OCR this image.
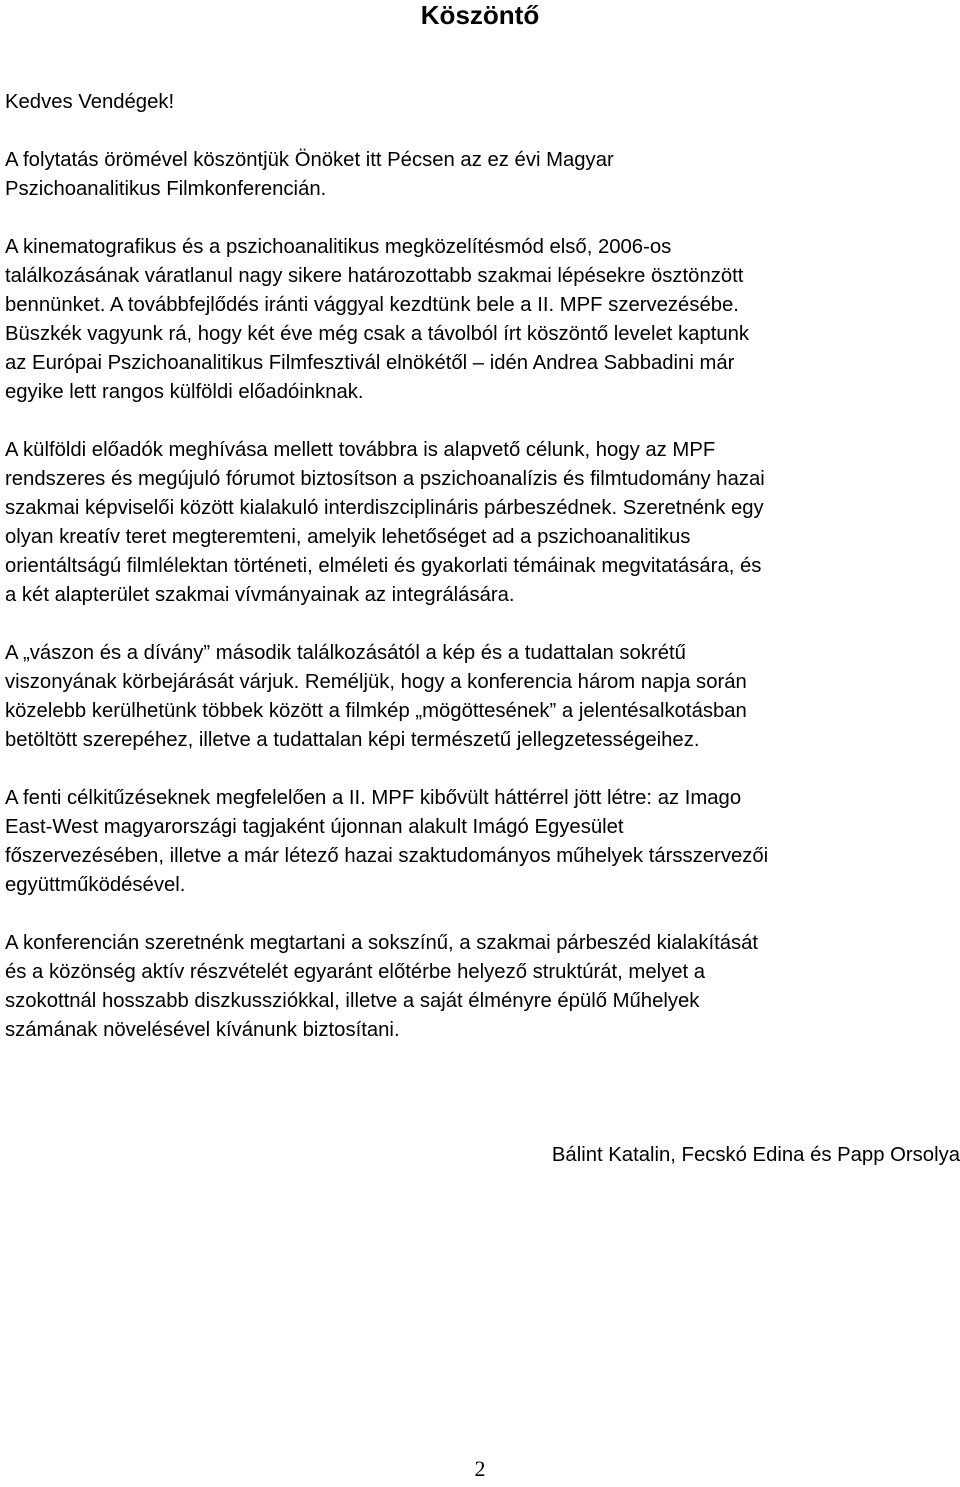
Köszöntő

Kedves Vendégek!

A folytatás örömével köszöntjük Önöket itt Pécsen az ez évi Magyar
Pszichoanalitikus Filmkonferencián.

A kinematografikus és a pszichoanalitikus megközelítésmód első, 2006-os
találkozásának váratlanul nagy sikere határozottabb szakmai lépésekre ösztönzött
bennünket. A továbbfejlődés iránti vággyal kezdtünk bele a II. MPF szervezésébe.
Büszkék vagyunk rá, hogy két éve még csak a távolból írt köszöntő levelet kaptunk
az Európai Pszichoanalitikus Filmfesztivál elnökétől – idén Andrea Sabbadini már
egyike lett rangos külföldi előadóinknak.

A külföldi előadók meghívása mellett továbbra is alapvető célunk, hogy az MPF
rendszeres és megújuló fórumot biztosítson a pszichoanalízis és filmtudomány hazai
szakmai képviselői között kialakuló interdiszciplináris párbeszédnek. Szeretnénk egy
olyan kreatív teret megteremteni, amelyik lehetőséget ad a pszichoanalitikus
orientáltságú filmlélektan történeti, elméleti és gyakorlati témáinak megvitatására, és
a két alapterület szakmai vívmányainak az integrálására.

A „vászon és a dívány” második találkozásától a kép és a tudattalan sokrétű
viszonyának körbejárását várjuk. Reméljük, hogy a konferencia három napja során
közelebb kerülhetünk többek között a filmkép „mögöttesének” a jelentésalkotásban
betöltött szerepéhez, illetve a tudattalan képi természetű jellegzetességeihez.

A fenti célkitűzéseknek megfelelően a II. MPF kibővült háttérrel jött létre: az Imago
East-West magyarországi tagjaként újonnan alakult Imágó Egyesület
főszervezésében, illetve a már létező hazai szaktudományos műhelyek társszervezői
együttműködésével.

A konferencián szeretnénk megtartani a sokszínű, a szakmai párbeszéd kialakítását
és a közönség aktív részvételét egyaránt előtérbe helyező struktúrát, melyet a
szokottnál hosszabb diszkussziókkal, illetve a saját élményre épülő Műhelyek
számának növelésével kívánunk biztosítani.

Bálint Katalin, Fecskó Edina és Papp Orsolya
2
